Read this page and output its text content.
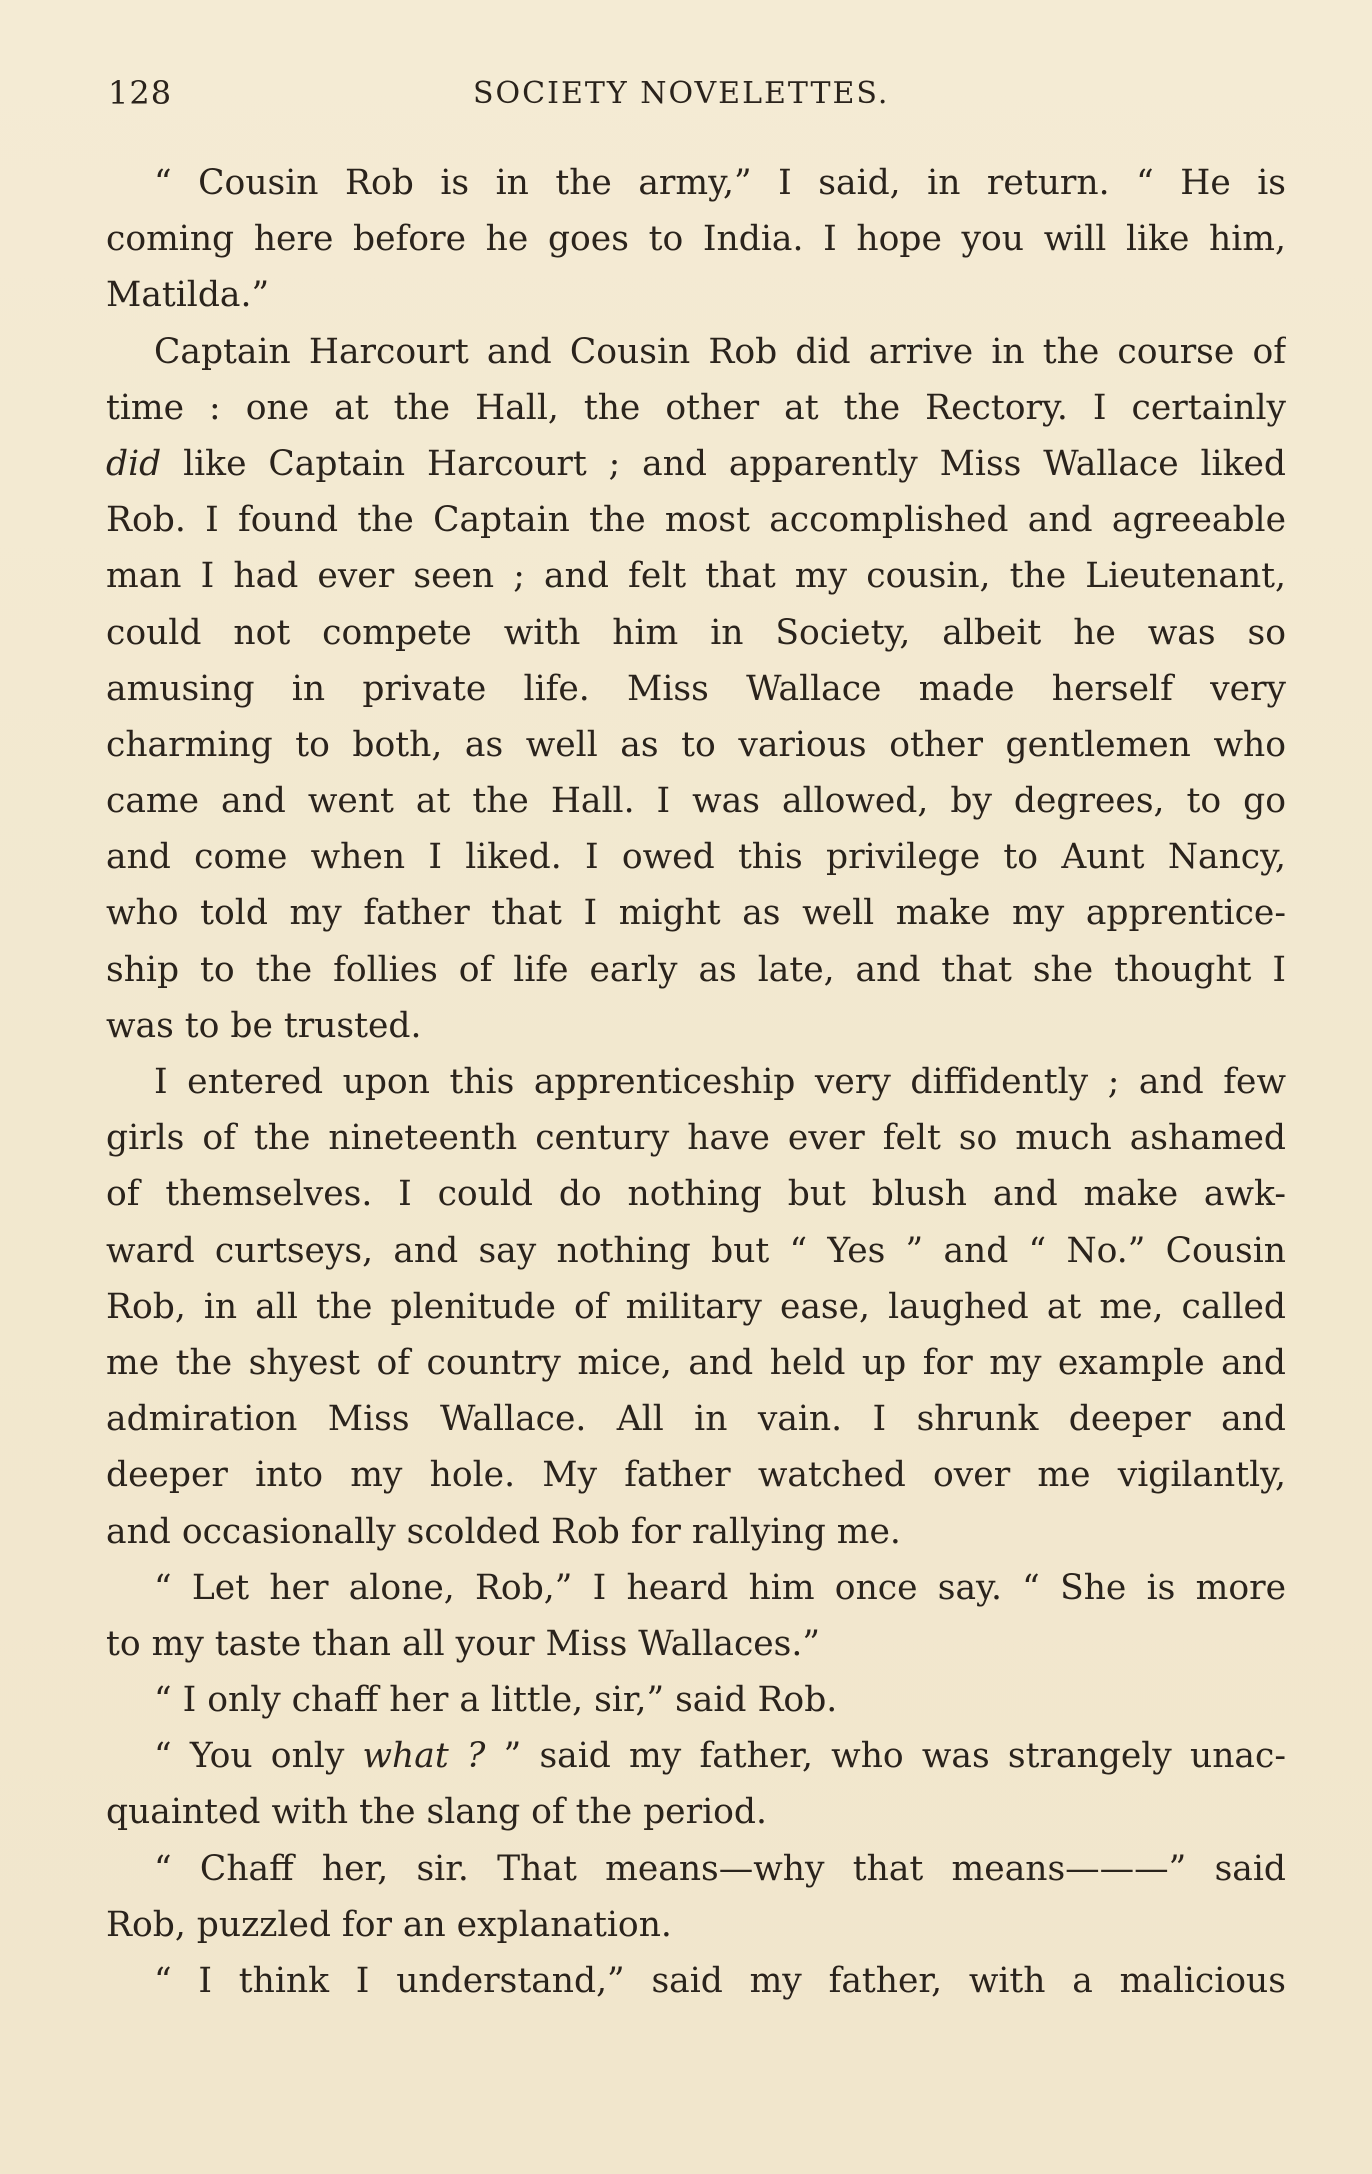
128	SOCIETY NOVELETTES.
“ Cousin Rob is in the army,” I said, in return. “ He is
coming here before he goes to India. I hope you will like him,
Matilda.”
Captain Harcourt and Cousin Rob did arrive in the course of
time : one at the Hall, the other at the Rectory. I certainly
did like Captain Harcourt ; and apparently Miss Wallace liked
Rob. I found the Captain the most accomplished and agreeable
man I had ever seen ; and felt that my cousin, the Lieutenant,
could not compete with him in Society, albeit he was so
amusing in private life. Miss Wallace made herself very
charming to both, as well as to various other gentlemen who
came and went at the Hall. I was allowed, by degrees, to go
and come when I liked. I owed this privilege to Aunt Nancy,
who told my father that I might as well make my apprentice-
ship to the follies of life early as late, and that she thought I
was to be trusted.
I entered upon this apprenticeship very diffidently ; and few
girls of the nineteenth century have ever felt so much ashamed
of themselves. I could do nothing but blush and make awk-
ward curtseys, and say nothing but “ Yes ” and “ No.” Cousin
Rob, in all the plenitude of military ease, laughed at me, called
me the shyest of country mice, and held up for my example and
admiration Miss Wallace. All in vain. I shrunk deeper and
deeper into my hole. My father watched over me vigilantly,
and occasionally scolded Rob for rallying me.
“ Let her alone, Rob,” I heard him once say. “ She is more
to my taste than all your Miss Wallaces.”
“ I only chaff her a little, sir,” said Rob.
“ You only what ? ” said my father, who was strangely unac-
quainted with the slang of the period.
“ Chaff her, sir. That means—why that means———” said
Rob, puzzled for an explanation.
“ I think I understand,” said my father, with a malicious
